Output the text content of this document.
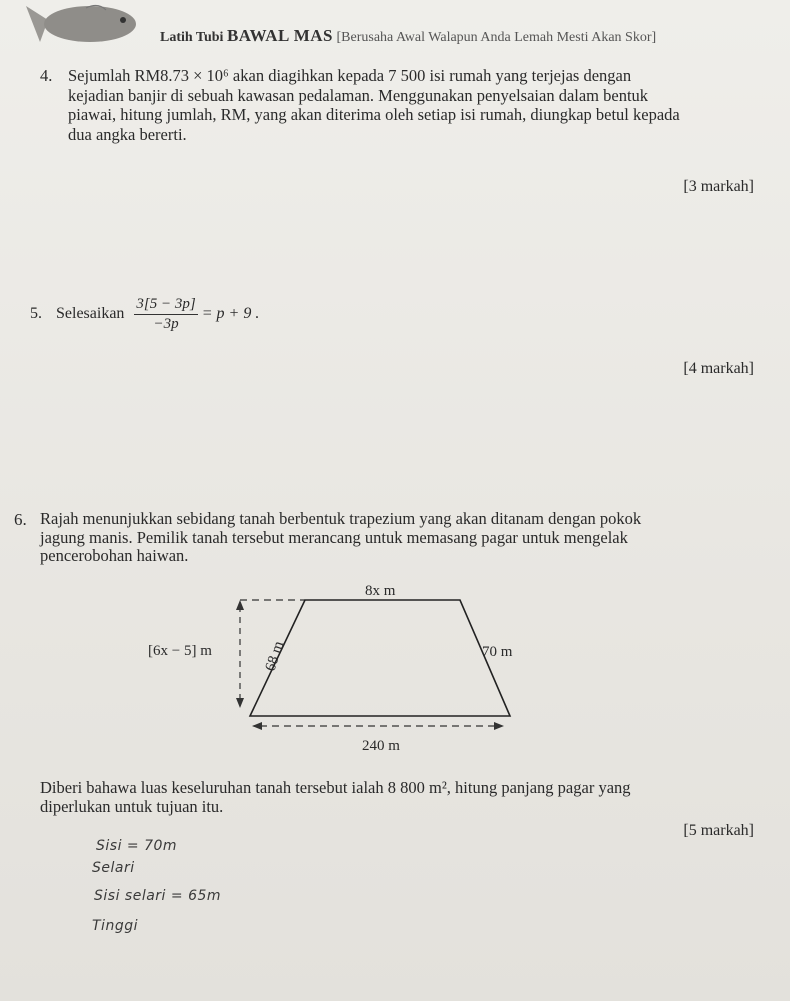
Latih Tubi BAWAL MAS [Berusaha Awal Walapun Anda Lemah Mesti Akan Skor]
4. Sejumlah RM8.73 × 10⁶ akan diagihkan kepada 7 500 isi rumah yang terjejas dengan
kejadian banjir di sebuah kawasan pedalaman. Menggunakan penyelsaian dalam bentuk
piawai, hitung jumlah, RM, yang akan diterima oleh setiap isi rumah, diungkap betul kepada
dua angka bererti.
[3 markah]
5. Selesaikan $\frac{3[5 - 3p]}{-3p} = p + 9$ .
[4 markah]
6. Rajah menunjukkan sebidang tanah berbentuk trapezium yang akan ditanam dengan pokok
jagung manis. Pemilik tanah tersebut merancang untuk memasang pagar untuk mengelak
pencerobohan haiwan.
8x m
[6x − 5] m	68 m	70 m
240 m
Diberi bahawa luas keseluruhan tanah tersebut ialah 8 800 m², hitung panjang pagar yang
diperlukan untuk tujuan itu.
[5 markah]
Sisi = 70m
Selari
Sisi selari = 65m
Tinggi
